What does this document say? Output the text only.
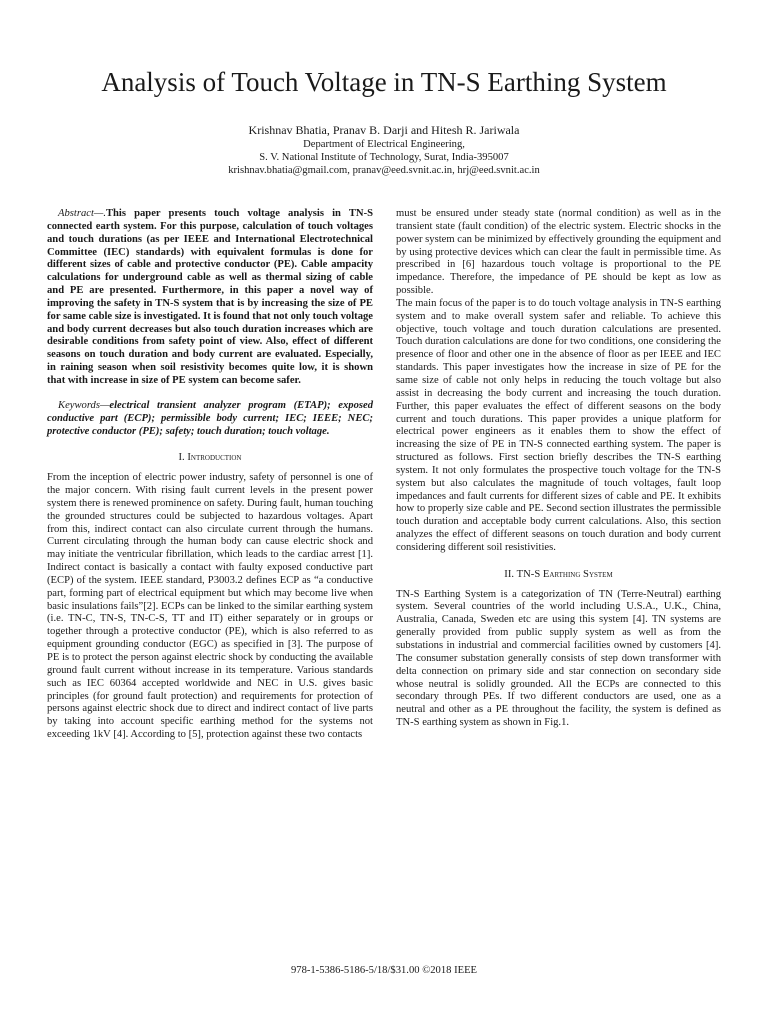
Analysis of Touch Voltage in TN-S Earthing System
Krishnav Bhatia, Pranav B. Darji and Hitesh R. Jariwala
Department of Electrical Engineering,
S. V. National Institute of Technology, Surat, India-395007
krishnav.bhatia@gmail.com, pranav@eed.svnit.ac.in, hrj@eed.svnit.ac.in

Abstract—.This paper presents touch voltage analysis in TN-S connected earth system. For this purpose, calculation of touch voltages and touch durations (as per IEEE and International Electrotechnical Committee (IEC) standards) with equivalent formulas is done for different sizes of cable and protective conductor (PE). Cable ampacity calculations for underground cable as well as thermal sizing of cable and PE are presented. Furthermore, in this paper a novel way of improving the safety in TN-S system that is by increasing the size of PE for same cable size is investigated. It is found that not only touch voltage and body current decreases but also touch duration increases which are desirable conditions from safety point of view. Also, effect of different seasons on touch duration and body current are evaluated. Especially, in raining season when soil resistivity becomes quite low, it is shown that with increase in size of PE system can become safer.

Keywords—electrical transient analyzer program (ETAP); exposed conductive part (ECP); permissible body current; IEC; IEEE; NEC; protective conductor (PE); safety; touch duration; touch voltage.

I. Introduction

From the inception of electric power industry, safety of personnel is one of the major concern. With rising fault current levels in the present power system there is renewed prominence on safety. During fault, human touching the grounded structures could be subjected to hazardous voltages. Apart from this, indirect contact can also circulate current through the humans. Current circulating through the human body can cause electric shock and may initiate the ventricular fibrillation, which leads to the cardiac arrest [1]. Indirect contact is basically a contact with faulty exposed conductive part (ECP) of the system. IEEE standard, P3003.2 defines ECP as “a conductive part, forming part of electrical equipment but which may become live when basic insulations fails”[2]. ECPs can be linked to the similar earthing system (i.e. TN-C, TN-S, TN-C-S, TT and IT) either separately or in groups or together through a protective conductor (PE), which is also referred to as equipment grounding conductor (EGC) as specified in [3]. The purpose of PE is to protect the person against electric shock by conducting the available ground fault current without increase in its temperature. Various standards such as IEC 60364 accepted worldwide and NEC in U.S. gives basic principles (for ground fault protection) and requirements for protection of persons against electric shock due to direct and indirect contact of live parts by taking into account specific earthing method for the systems not exceeding 1kV [4]. According to [5], protection against these two contacts

must be ensured under steady state (normal condition) as well as in the transient state (fault condition) of the electric system. Electric shocks in the power system can be minimized by effectively grounding the equipment and by using protective devices which can clear the fault in permissible time. As prescribed in [6] hazardous touch voltage is proportional to the PE impedance. Therefore, the impedance of PE should be kept as low as possible.

The main focus of the paper is to do touch voltage analysis in TN-S earthing system and to make overall system safer and reliable. To achieve this objective, touch voltage and touch duration calculations are presented. Touch duration calculations are done for two conditions, one considering the presence of floor and other one in the absence of floor as per IEEE and IEC standards. This paper investigates how the increase in size of PE for the same size of cable not only helps in reducing the touch voltage but also assist in decreasing the body current and increasing the touch duration. Further, this paper evaluates the effect of different seasons on the body current and touch durations. This paper provides a unique platform for electrical power engineers as it enables them to show the effect of increasing the size of PE in TN-S connected earthing system. The paper is structured as follows. First section briefly describes the TN-S earthing system. It not only formulates the prospective touch voltage for the TN-S system but also calculates the magnitude of touch voltages, fault loop impedances and fault currents for different sizes of cable and PE. It exhibits how to properly size cable and PE. Second section illustrates the permissible touch duration and acceptable body current calculations. Also, this section analyzes the effect of different seasons on touch duration and body current considering different soil resistivities.

II. TN-S Earthing System

TN-S Earthing System is a categorization of TN (Terre-Neutral) earthing system. Several countries of the world including U.S.A., U.K., China, Australia, Canada, Sweden etc are using this system [4]. TN systems are generally provided from public supply system as well as from the substations in industrial and commercial facilities owned by customers [4]. The consumer substation generally consists of step down transformer with delta connection on primary side and star connection on secondary side whose neutral is solidly grounded. All the ECPs are connected to this secondary through PEs. If two different conductors are used, one as a neutral and other as a PE throughout the facility, the system is defined as TN-S earthing system as shown in Fig.1.

978-1-5386-5186-5/18/$31.00 ©2018 IEEE
